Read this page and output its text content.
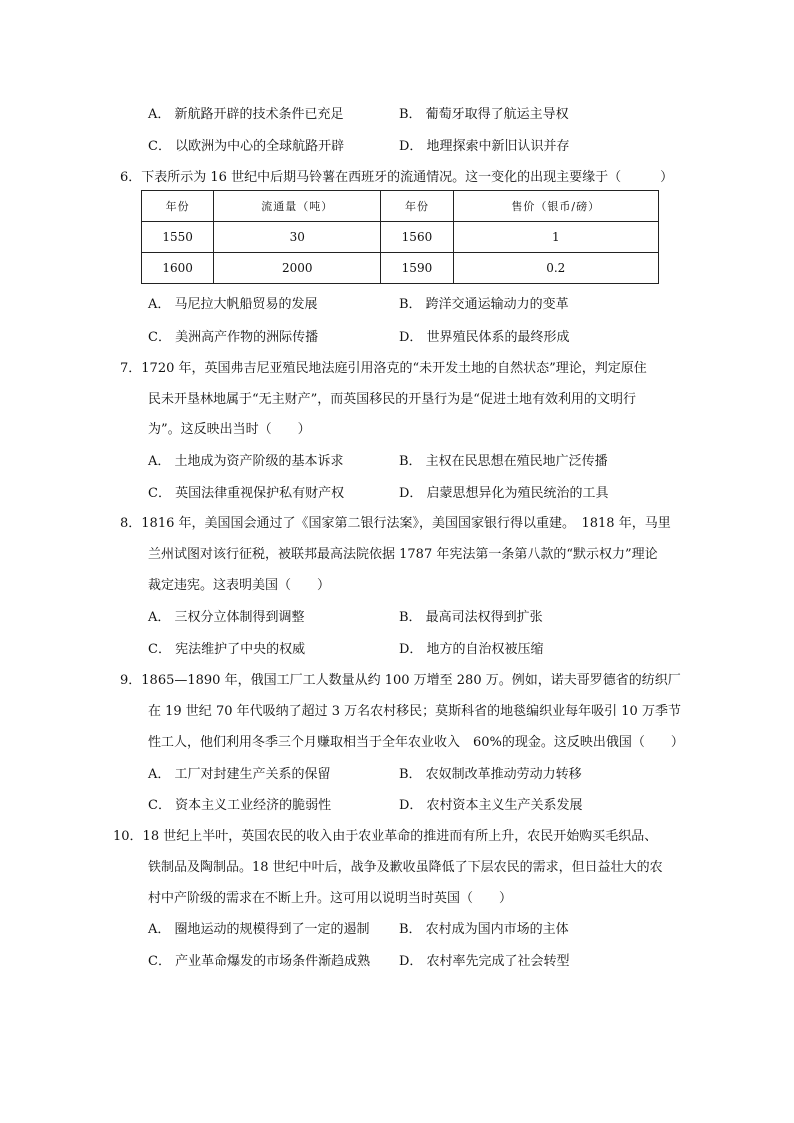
A． 新航路开辟的技术条件已充足	B． 葡萄牙取得了航运主导权
C． 以欧洲为中心的全球航路开辟	D． 地理探索中新旧认识并存
6．下表所示为 16 世纪中后期马铃薯在西班牙的流通情况。这一变化的出现主要缘于（　　　）
年份	流通量（吨）	年份	售价（银币/磅）
1550	30	1560	1
1600	2000	1590	0.2
A． 马尼拉大帆船贸易的发展	B． 跨洋交通运输动力的变革
C． 美洲高产作物的洲际传播	D． 世界殖民体系的最终形成
7．1720 年，英国弗吉尼亚殖民地法庭引用洛克的“未开发土地的自然状态”理论，判定原住
民未开垦林地属于“无主财产”，而英国移民的开垦行为是“促进土地有效利用的文明行
为”。这反映出当时（　　）
A． 土地成为资产阶级的基本诉求	B． 主权在民思想在殖民地广泛传播
C． 英国法律重视保护私有财产权	D． 启蒙思想异化为殖民统治的工具
8．1816 年，美国国会通过了《国家第二银行法案》，美国国家银行得以重建。　1818 年，马里
兰州试图对该行征税，被联邦最高法院依据 1787 年宪法第一条第八款的“默示权力”理论
裁定违宪。这表明美国（　　）
A． 三权分立体制得到调整	B． 最高司法权得到扩张
C． 宪法维护了中央的权威	D． 地方的自治权被压缩
9．1865—1890 年，俄国工厂工人数量从约 100 万增至 280 万。例如，诺夫哥罗德省的纺织厂
在 19 世纪 70 年代吸纳了超过 3 万名农村移民；莫斯科省的地毯编织业每年吸引 10 万季节
性工人，他们利用冬季三个月赚取相当于全年农业收入　60%的现金。这反映出俄国（　　）
A． 工厂对封建生产关系的保留	B． 农奴制改革推动劳动力转移
C． 资本主义工业经济的脆弱性	D． 农村资本主义生产关系发展
10．18 世纪上半叶，英国农民的收入由于农业革命的推进而有所上升，农民开始购买毛织品、
铁制品及陶制品。18 世纪中叶后，战争及歉收虽降低了下层农民的需求，但日益壮大的农
村中产阶级的需求在不断上升。这可用以说明当时英国（　　）
A． 圈地运动的规模得到了一定的遏制 B． 农村成为国内市场的主体
C． 产业革命爆发的市场条件渐趋成熟 D． 农村率先完成了社会转型
